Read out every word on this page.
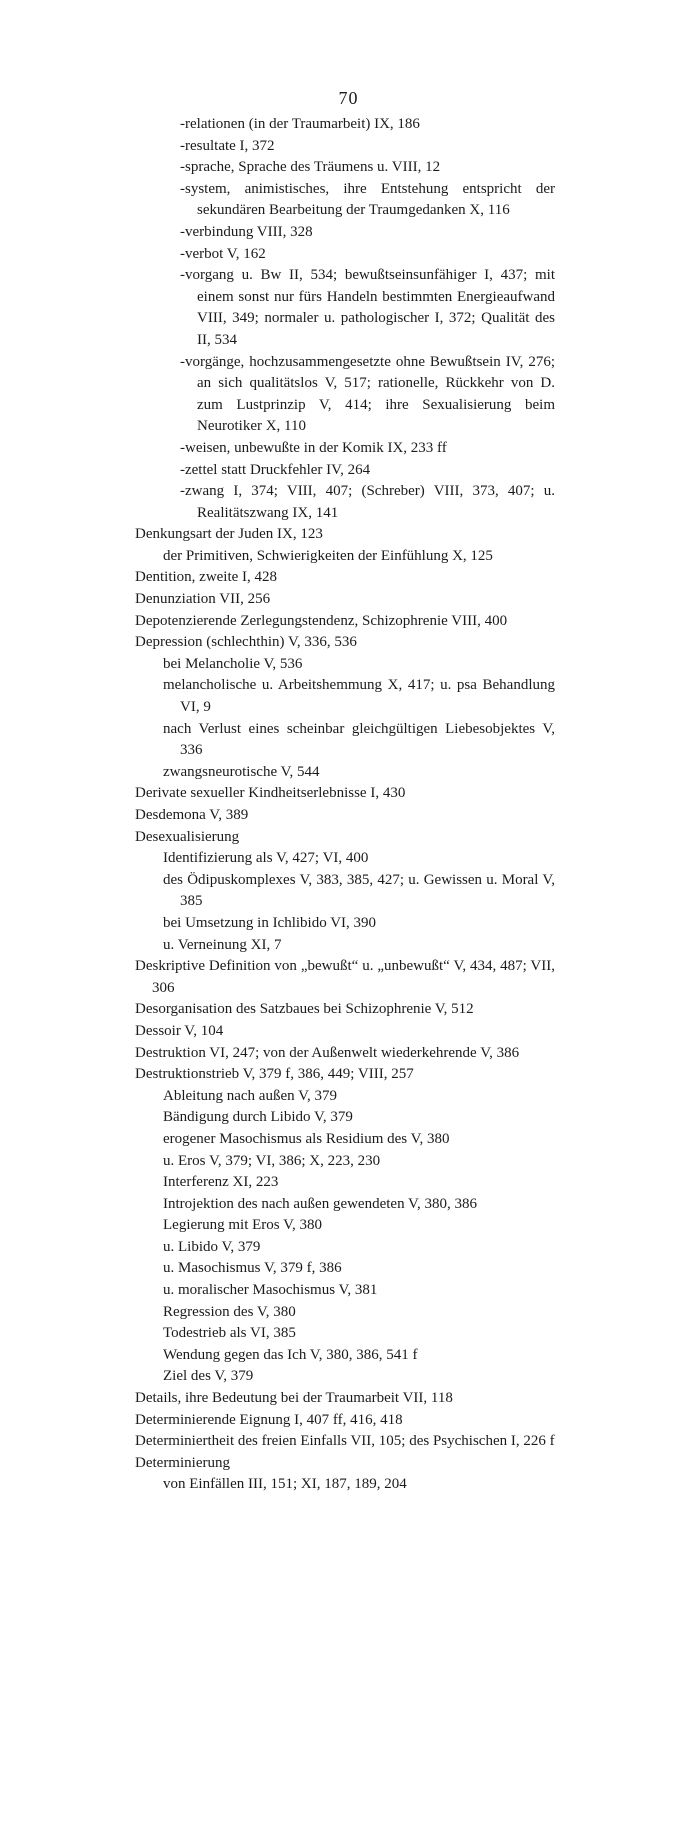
70

-relationen (in der Traumarbeit) IX, 186

-resultate I, 372

-sprache, Sprache des Träumens u. VIII, 12

-system, animistisches, ihre Entstehung entspricht der sekundären Bearbeitung der Traumgedanken X, 116

-verbindung VIII, 328

-verbot V, 162

-vorgang u. Bw II, 534; bewußtseinsunfähiger I, 437; mit einem sonst nur fürs Handeln bestimmten Energieaufwand VIII, 349; normaler u. pathologischer I, 372; Qualität des II, 534

-vorgänge, hochzusammengesetzte ohne Bewußtsein IV, 276; an sich qualitätslos V, 517; rationelle, Rückkehr von D. zum Lustprinzip V, 414; ihre Sexualisierung beim Neurotiker X, 110

-weisen, unbewußte in der Komik IX, 233 ff

-zettel statt Druckfehler IV, 264

-zwang I, 374; VIII, 407; (Schreber) VIII, 373, 407; u. Realitätszwang IX, 141

Denkungsart der Juden IX, 123

der Primitiven, Schwierigkeiten der Einfühlung X, 125

Dentition, zweite I, 428

Denunziation VII, 256

Depotenzierende Zerlegungstendenz, Schizophrenie VIII, 400

Depression (schlechthin) V, 336, 536

bei Melancholie V, 536

melancholische u. Arbeitshemmung X, 417; u. psa Behandlung VI, 9

nach Verlust eines scheinbar gleichgültigen Liebesobjektes V, 336

zwangsneurotische V, 544

Derivate sexueller Kindheitserlebnisse I, 430

Desdemona V, 389

Desexualisierung

Identifizierung als V, 427; VI, 400

des Ödipuskomplexes V, 383, 385, 427; u. Gewissen u. Moral V, 385

bei Umsetzung in Ichlibido VI, 390

u. Verneinung XI, 7

Deskriptive Definition von „bewußt“ u. „unbewußt“ V, 434, 487; VII, 306

Desorganisation des Satzbaues bei Schizophrenie V, 512

Dessoir V, 104

Destruktion VI, 247; von der Außenwelt wiederkehrende V, 386

Destruktionstrieb V, 379 f, 386, 449; VIII, 257

Ableitung nach außen V, 379

Bändigung durch Libido V, 379

erogener Masochismus als Residium des V, 380

u. Eros V, 379; VI, 386; X, 223, 230

Interferenz XI, 223

Introjektion des nach außen gewendeten V, 380, 386

Legierung mit Eros V, 380

u. Libido V, 379

u. Masochismus V, 379 f, 386

u. moralischer Masochismus V, 381

Regression des V, 380

Todestrieb als VI, 385

Wendung gegen das Ich V, 380, 386, 541 f

Ziel des V, 379

Details, ihre Bedeutung bei der Traumarbeit VII, 118

Determinierende Eignung I, 407 ff, 416, 418

Determiniertheit des freien Einfalls VII, 105; des Psychischen I, 226 f

Determinierung

von Einfällen III, 151; XI, 187, 189, 204
